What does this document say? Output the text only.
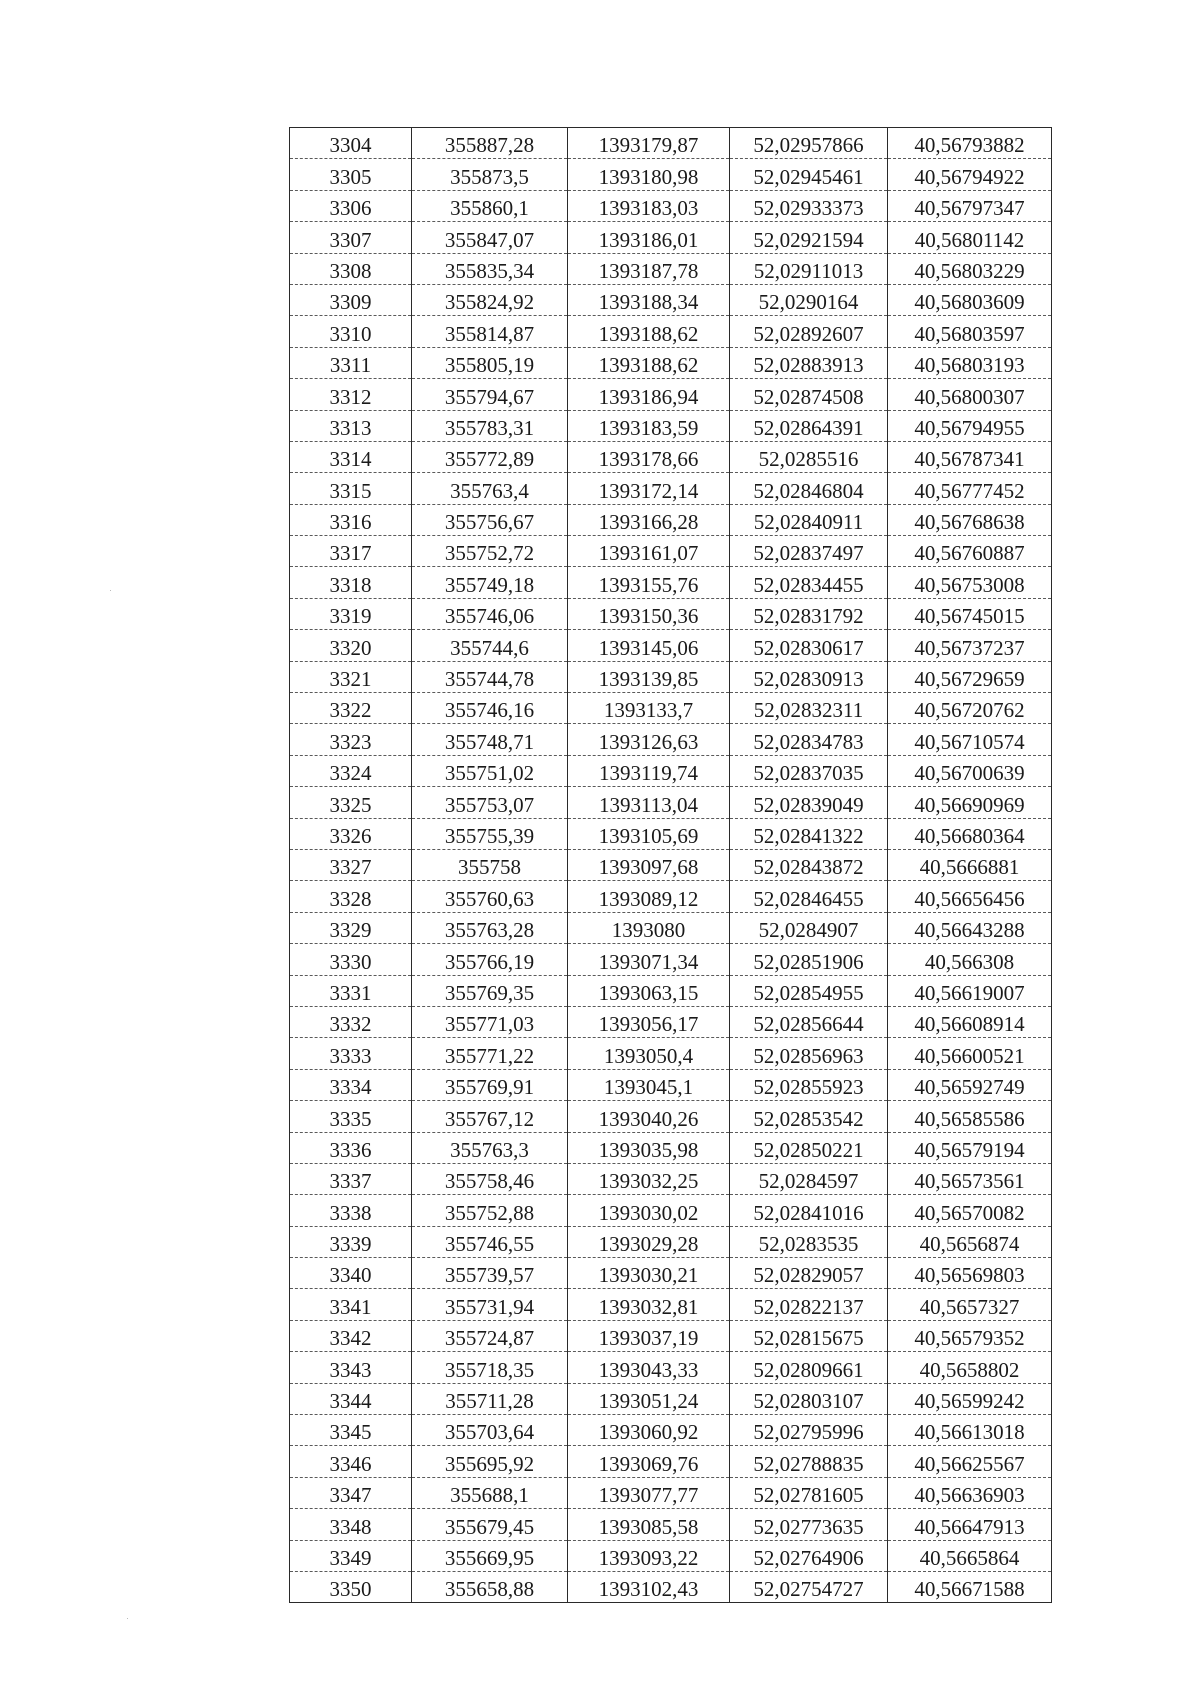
3304	355887,28	1393179,87	52,02957866	40,56793882
3305	355873,5	1393180,98	52,02945461	40,56794922
3306	355860,1	1393183,03	52,02933373	40,56797347
3307	355847,07	1393186,01	52,02921594	40,56801142
3308	355835,34	1393187,78	52,02911013	40,56803229
3309	355824,92	1393188,34	52,0290164	40,56803609
3310	355814,87	1393188,62	52,02892607	40,56803597
3311	355805,19	1393188,62	52,02883913	40,56803193
3312	355794,67	1393186,94	52,02874508	40,56800307
3313	355783,31	1393183,59	52,02864391	40,56794955
3314	355772,89	1393178,66	52,0285516	40,56787341
3315	355763,4	1393172,14	52,02846804	40,56777452
3316	355756,67	1393166,28	52,02840911	40,56768638
3317	355752,72	1393161,07	52,02837497	40,56760887
3318	355749,18	1393155,76	52,02834455	40,56753008
3319	355746,06	1393150,36	52,02831792	40,56745015
3320	355744,6	1393145,06	52,02830617	40,56737237
3321	355744,78	1393139,85	52,02830913	40,56729659
3322	355746,16	1393133,7	52,02832311	40,56720762
3323	355748,71	1393126,63	52,02834783	40,56710574
3324	355751,02	1393119,74	52,02837035	40,56700639
3325	355753,07	1393113,04	52,02839049	40,56690969
3326	355755,39	1393105,69	52,02841322	40,56680364
3327	355758	1393097,68	52,02843872	40,5666881
3328	355760,63	1393089,12	52,02846455	40,56656456
3329	355763,28	1393080	52,0284907	40,56643288
3330	355766,19	1393071,34	52,02851906	40,566308
3331	355769,35	1393063,15	52,02854955	40,56619007
3332	355771,03	1393056,17	52,02856644	40,56608914
3333	355771,22	1393050,4	52,02856963	40,56600521
3334	355769,91	1393045,1	52,02855923	40,56592749
3335	355767,12	1393040,26	52,02853542	40,56585586
3336	355763,3	1393035,98	52,02850221	40,56579194
3337	355758,46	1393032,25	52,0284597	40,56573561
3338	355752,88	1393030,02	52,02841016	40,56570082
3339	355746,55	1393029,28	52,0283535	40,5656874
3340	355739,57	1393030,21	52,02829057	40,56569803
3341	355731,94	1393032,81	52,02822137	40,5657327
3342	355724,87	1393037,19	52,02815675	40,56579352
3343	355718,35	1393043,33	52,02809661	40,5658802
3344	355711,28	1393051,24	52,02803107	40,56599242
3345	355703,64	1393060,92	52,02795996	40,56613018
3346	355695,92	1393069,76	52,02788835	40,56625567
3347	355688,1	1393077,77	52,02781605	40,56636903
3348	355679,45	1393085,58	52,02773635	40,56647913
3349	355669,95	1393093,22	52,02764906	40,5665864
3350	355658,88	1393102,43	52,02754727	40,56671588
